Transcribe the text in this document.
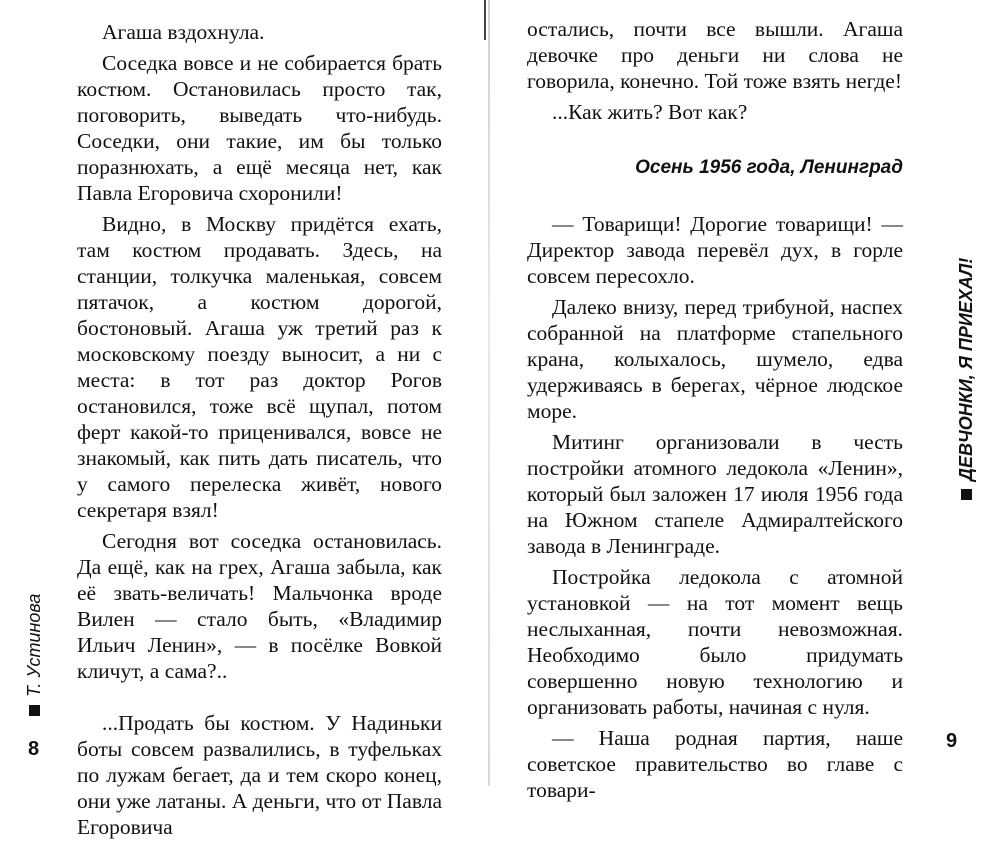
Агаша вздохнула.

Соседка вовсе и не собирается брать костюм. Остановилась просто так, поговорить, выведать что-нибудь. Соседки, они такие, им бы только поразнюхать, а ещё месяца нет, как Павла Егоровича схоронили!

Видно, в Москву придётся ехать, там костюм продавать. Здесь, на станции, толкучка маленькая, совсем пятачок, а костюм дорогой, бостоновый. Агаша уж третий раз к московскому поезду выносит, а ни с места: в тот раз доктор Рогов остановился, тоже всё щупал, потом ферт какой-то приценивался, вовсе не знакомый, как пить дать писатель, что у самого перелеска живёт, нового секретаря взял!

Сегодня вот соседка остановилась. Да ещё, как на грех, Агаша забыла, как её звать-величать! Мальчонка вроде Вилен — стало быть, «Владимир Ильич Ленин», — в посёлке Вовкой кличут, а сама?..

...Продать бы костюм. У Надиньки боты совсем развалились, в туфельках по лужам бегает, да и тем скоро конец, они уже латаны. А деньги, что от Павла Егоровича

Т. Устинова
8

остались, почти все вышли. Агаша девочке про деньги ни слова не говорила, конечно. Той тоже взять негде!

...Как жить? Вот как?

Осень 1956 года, Ленинград

— Товарищи! Дорогие товарищи! — Директор завода перевёл дух, в горле совсем пересохло.

Далеко внизу, перед трибуной, наспех собранной на платформе стапельного крана, колыхалось, шумело, едва удерживаясь в берегах, чёрное людское море.

Митинг организовали в честь постройки атомного ледокола «Ленин», который был заложен 17 июля 1956 года на Южном стапеле Адмиралтейского завода в Ленинграде.

Постройка ледокола с атомной установкой — на тот момент вещь неслыханная, почти невозможная. Необходимо было придумать совершенно новую технологию и организовать работы, начиная с нуля.

— Наша родная партия, наше советское правительство во главе с товари-

ДЕВЧОНКИ, Я ПРИЕХАЛ!
9
